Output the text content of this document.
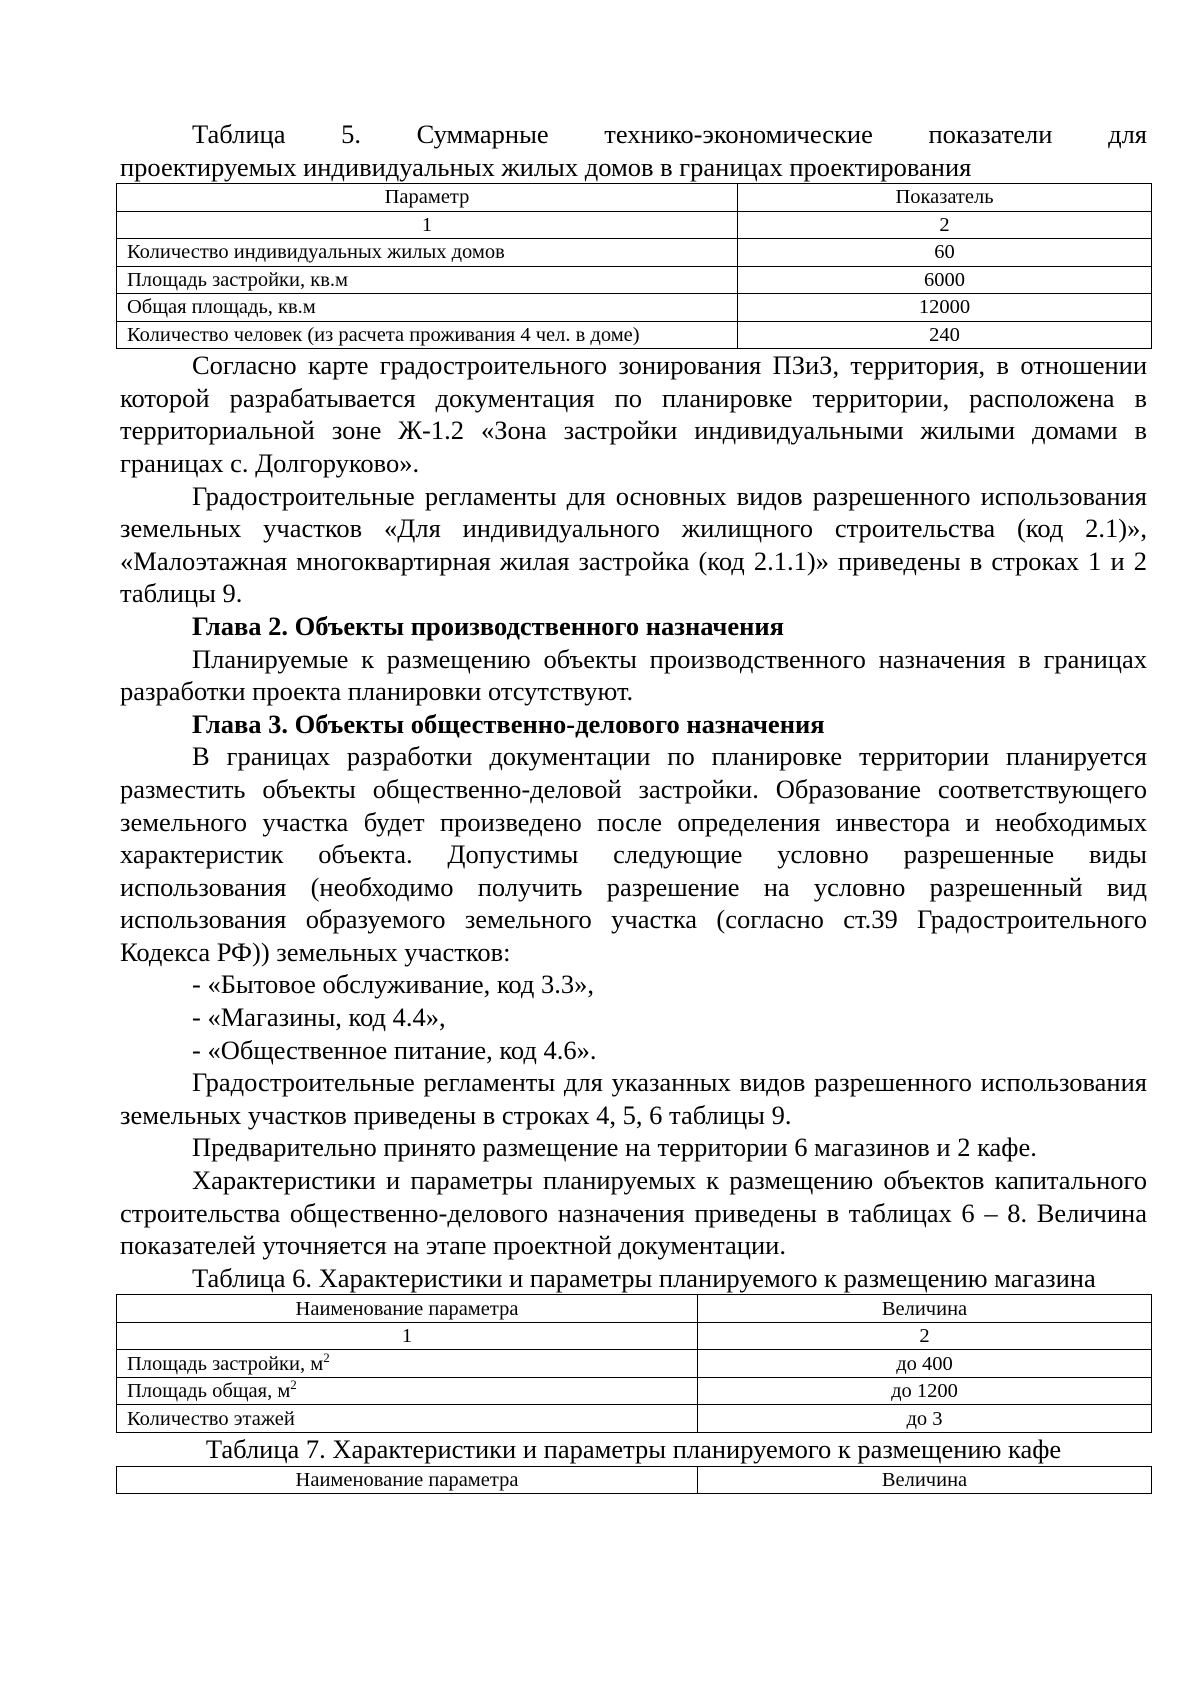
Таблица 5. Суммарные технико-экономические показатели для

проектируемых индивидуальных жилых домов в границах проектирования

Параметр	Показатель
1	2
Количество индивидуальных жилых домов	60
Площадь застройки, кв.м	6000
Общая площадь, кв.м	12000
Количество человек (из расчета проживания 4 чел. в доме)	240

Согласно карте градостроительного зонирования ПЗиЗ, территория, в отношении которой разрабатывается документация по планировке территории, расположена в территориальной зоне Ж-1.2 «Зона застройки индивидуальными жилыми домами в границах с. Долгоруково».

Градостроительные регламенты для основных видов разрешенного использования земельных участков «Для индивидуального жилищного строительства (код 2.1)», «Малоэтажная многоквартирная жилая застройка (код 2.1.1)» приведены в строках 1 и 2 таблицы 9.

Глава 2. Объекты производственного назначения

Планируемые к размещению объекты производственного назначения в границах разработки проекта планировки отсутствуют.

Глава 3. Объекты общественно-делового назначения

В границах разработки документации по планировке территории планируется разместить объекты общественно-деловой застройки. Образование соответствующего земельного участка будет произведено после определения инвестора и необходимых характеристик объекта. Допустимы следующие условно разрешенные виды использования (необходимо получить разрешение на условно разрешенный вид использования образуемого земельного участка (согласно ст.39 Градостроительного Кодекса РФ)) земельных участков:

- «Бытовое обслуживание, код 3.3»,

- «Магазины, код 4.4»,

- «Общественное питание, код 4.6».

Градостроительные регламенты для указанных видов разрешенного использования земельных участков приведены в строках 4, 5, 6 таблицы 9.

Предварительно принято размещение на территории 6 магазинов и 2 кафе.

Характеристики и параметры планируемых к размещению объектов капитального строительства общественно-делового назначения приведены в таблицах 6 – 8. Величина показателей уточняется на этапе проектной документации.

Таблица 6. Характеристики и параметры планируемого к размещению магазина

Наименование параметра	Величина
1	2
Площадь застройки, $м^2$	до 400
Площадь общая, $м^2$	до 1200
Количество этажей	до 3

Таблица 7. Характеристики и параметры планируемого к размещению кафе

Наименование параметра	Величина
